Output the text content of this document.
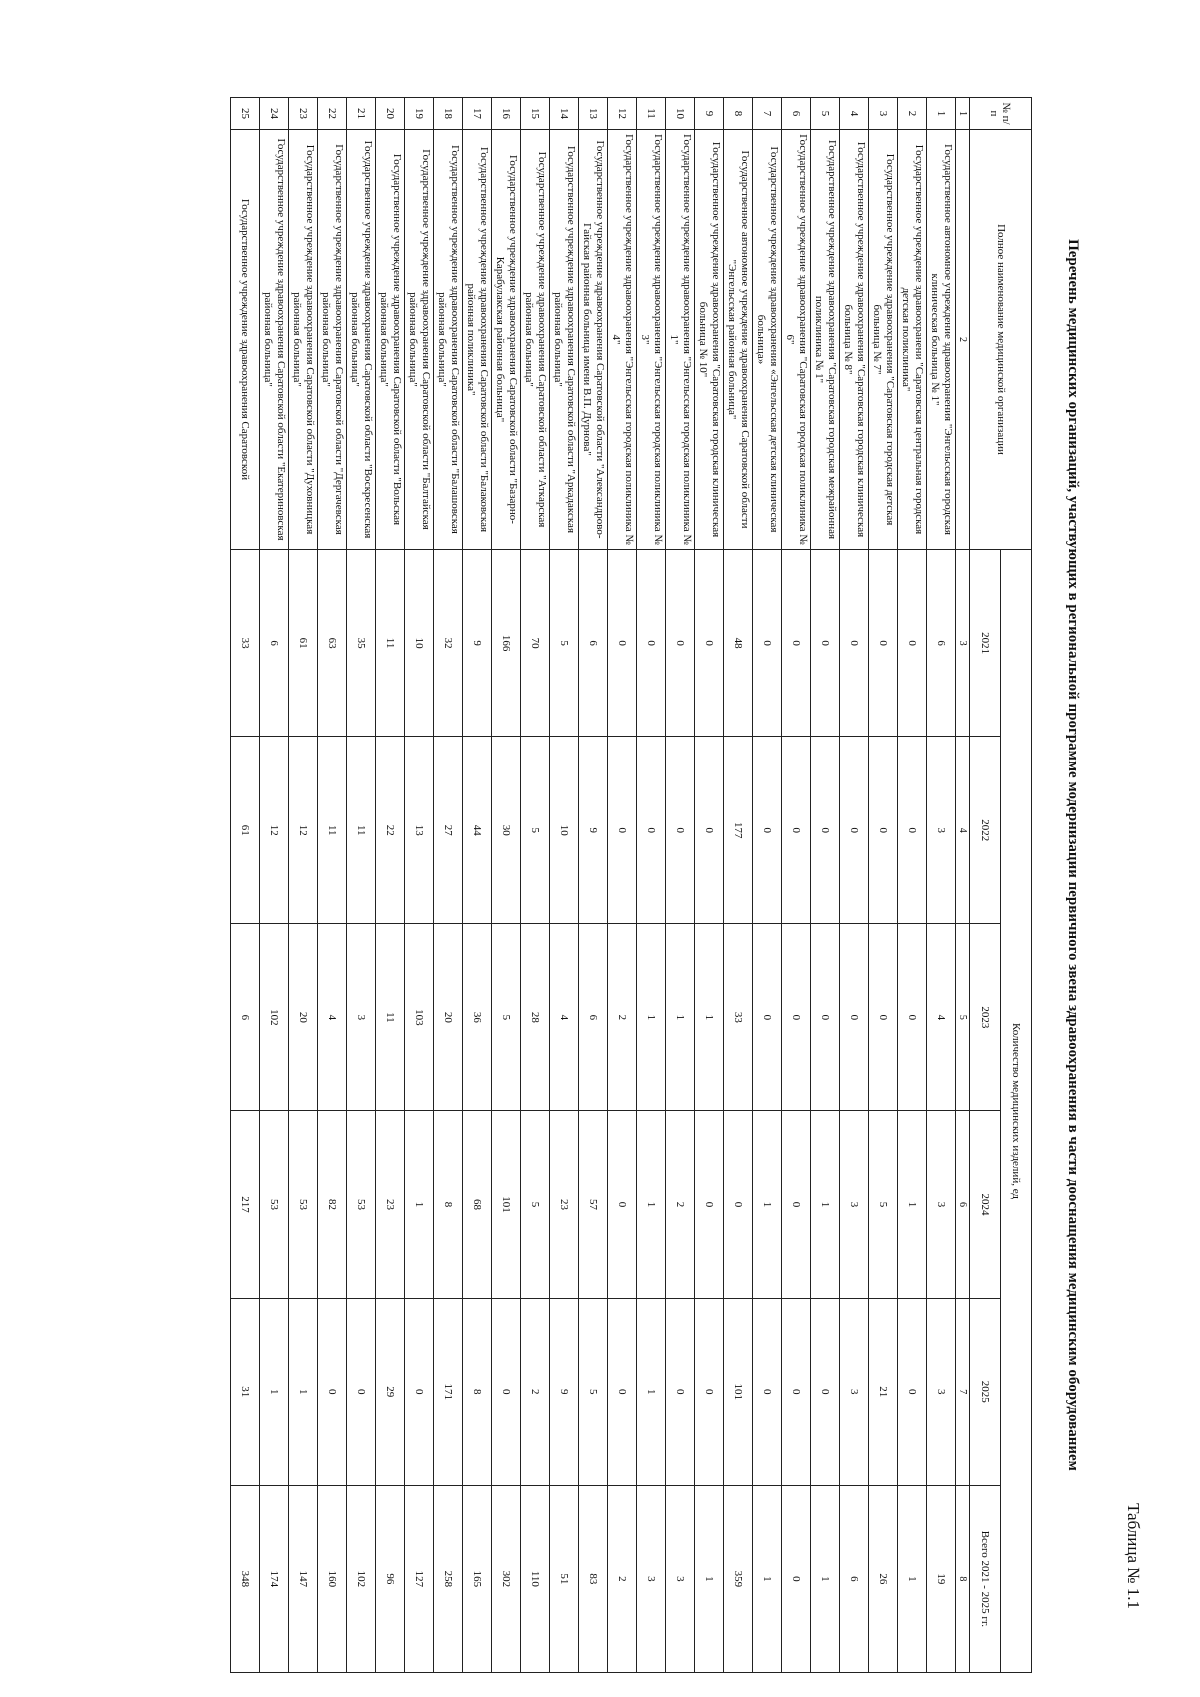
Таблица № 1.1
Перечень медицинских организаций, участвующих в региональной программе модернизации первичного звена здравоохранения в части дооснащения медицинским оборудованием
№ п/п	Полное наименование медицинской организации	Количество медицинских изделий, ед					
		2021	2022	2023	2024	2025	Всего 2021 - 2025 гг.
1	2	3	4	5	6	7	8
1	Государственное автономное учреждение здравоохранения "Энгельсская городская клиническая больница № 1"	6	3	4	3	3	19
2	Государственное учреждение здравоохранени "Саратовская центральная городская детская поликлиника"	0	0	0	1	0	1
3	Государственное учреждение здравоохранения "Саратовская городская детская больница № 7"	0	0	0	5	21	26
4	Государственное учреждение здравоохранения "Саратовская городская клиническая больница № 8"	0	0	0	3	3	6
5	Государственное учреждение здравоохранения "Саратовская городская межрайонная поликлиника № 1"	0	0	0	1	0	1
6	Государственное учреждение здравоохранения "Саратовская городская поликлиника № 6"	0	0	0	0	0	0
7	Государственное учреждение здравоохранения «Энгельсская детская клиническая больница»	0	0	0	1	0	1
8	Государственное автономное учреждение здравоохранения Саратовской области "Энгельсская районная больница"	48	177	33	0	101	359
9	Государственное учреждение здравоохранения "Саратовская городская клиническая больница № 10"	0	0	1	0	0	1
10	Государственное учреждение здравоохранения "Энгельсская городская поликлиника № 1"	0	0	1	2	0	3
11	Государственное учреждение здравоохранения "Энгельсская городская поликлиника № 3"	0	0	1	1	1	3
12	Государственное учреждение здравоохранения "Энгельсская городская поликлиника № 4"	0	0	2	0	0	2
13	Государственное учреждение здравоохранения Саратовской области "Александрово-Гайская районная больница имени В.П. Дурнова"	6	9	6	57	5	83
14	Государственное учреждение здравоохранения Саратовской области "Аркадакская районная больница"	5	10	4	23	9	51
15	Государственное учреждение здравоохранения Саратовской области "Аткарская районная больница"	70	5	28	5	2	110
16	Государственное учреждение здравоохранения Саратовской области "Базарно-Карабулакская районная больница"	166	30	5	101	0	302
17	Государственное учреждение здравоохранения Саратовской области "Балаковская районная поликлиника"	9	44	36	68	8	165
18	Государственное учреждение здравоохранения Саратовской области "Балашовская районная больница"	32	27	20	8	171	258
19	Государственное учреждение здравоохранения Саратовской области "Балтайская районная больница"	10	13	103	1	0	127
20	Государственное учреждение здравоохранения Саратовской области "Вольская районная больница"	11	22	11	23	29	96
21	Государственное учреждение здравоохранения Саратовской области "Воскресенская районная больница"	35	11	3	53	0	102
22	Государственное учреждение здравоохранения Саратовской области "Дергачевская районная больница"	63	11	4	82	0	160
23	Государственное учреждение здравоохранения Саратовской области "Духовницкая районная больница"	61	12	20	53	1	147
24	Государственное учреждение здравоохранения Саратовской области "Екатериновская районная больница"	6	12	102	53	1	174
25	Государственное учреждение здравоохранения Саратовской	33	61	6	217	31	348
